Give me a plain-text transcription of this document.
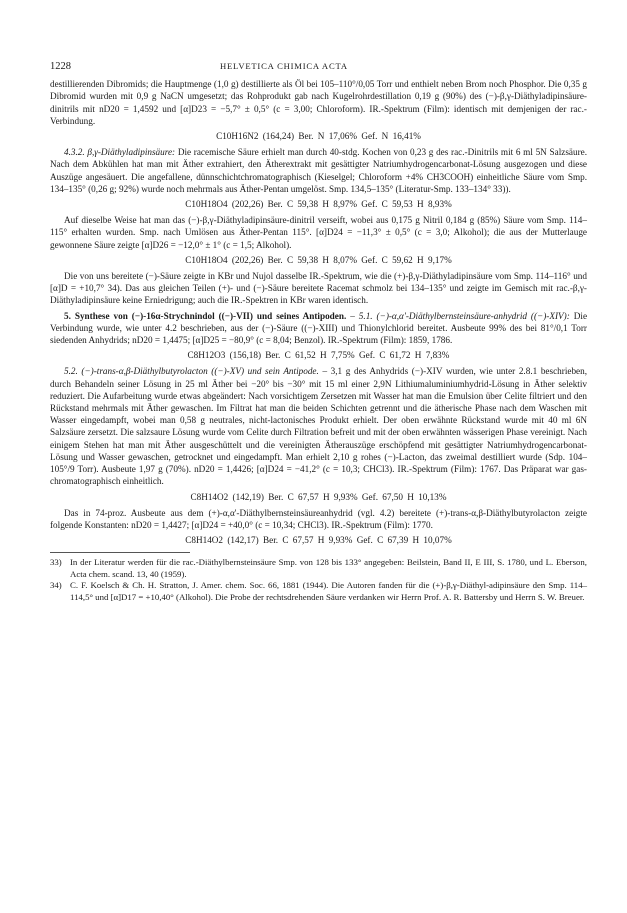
1228	HELVETICA CHIMICA ACTA

destillierenden Dibromids; die Hauptmenge (1,0 g) destillierte als Öl bei 105–110°/0,05 Torr und enthielt neben Brom noch Phosphor. Die 0,35 g Dibromid wurden mit 0,9 g NaCN umgesetzt; das Rohprodukt gab nach Kugelrohrdestillation 0,19 g (90%) des (−)-β,γ-Diäthyladipinsäure-dinitrils mit nD20 = 1,4592 und [α]D23 = −5,7° ± 0,5° (c = 3,00; Chloroform). IR.-Spektrum (Film): identisch mit demjenigen der rac.-Verbindung.

C10H16N2 (164,24) Ber. N 17,06% Gef. N 16,41%

4.3.2. β,γ-Diäthyladipinsäure: Die racemische Säure erhielt man durch 40-stdg. Kochen von 0,23 g des rac.-Dinitrils mit 6 ml 5N Salzsäure. Nach dem Abkühlen hat man mit Äther extrahiert, den Ätherextrakt mit gesättigter Natriumhydrogencarbonat-Lösung ausgezogen und diese Auszüge angesäuert. Die angefallene, dünnschichtchromatographisch (Kieselgel; Chloroform +4% CH3COOH) einheitliche Säure vom Smp. 134–135° (0,26 g; 92%) wurde noch mehrmals aus Äther-Pentan umgelöst. Smp. 134,5–135° (Literatur-Smp. 133–134° 33)).

C10H18O4 (202,26) Ber. C 59,38 H 8,97% Gef. C 59,53 H 8,93%

Auf dieselbe Weise hat man das (−)-β,γ-Diäthyladipinsäure-dinitril verseift, wobei aus 0,175 g Nitril 0,184 g (85%) Säure vom Smp. 114–115° erhalten wurden. Smp. nach Umlösen aus Äther-Pentan 115°. [α]D24 = −11,3° ± 0,5° (c = 3,0; Alkohol); die aus der Mutterlauge gewonnene Säure zeigte [α]D26 = −12,0° ± 1° (c = 1,5; Alkohol).

C10H18O4 (202,26) Ber. C 59,38 H 8,07% Gef. C 59,62 H 9,17%

Die von uns bereitete (−)-Säure zeigte in KBr und Nujol dasselbe IR.-Spektrum, wie die (+)-β,γ-Diäthyladipinsäure vom Smp. 114–116° und [α]D = +10,7° 34). Das aus gleichen Teilen (+)- und (−)-Säure bereitete Racemat schmolz bei 134–135° und zeigte im Gemisch mit rac.-β,γ-Diäthyladipinsäure keine Erniedrigung; auch die IR.-Spektren in KBr waren identisch.

5. Synthese von (−)-16α-Strychnindol ((−)-VII) und seines Antipoden. – 5.1. (−)-α,α'-Diäthylbernsteinsäure-anhydrid ((−)-XIV): Die Verbindung wurde, wie unter 4.2 beschrieben, aus der (−)-Säure ((−)-XIII) und Thionylchlorid bereitet. Ausbeute 99% des bei 81°/0,1 Torr siedenden Anhydrids; nD20 = 1,4475; [α]D25 = −80,9° (c = 8,04; Benzol). IR.-Spektrum (Film): 1859, 1786.

C8H12O3 (156,18) Ber. C 61,52 H 7,75% Gef. C 61,72 H 7,83%

5.2. (−)-trans-α,β-Diäthylbutyrolacton ((−)-XV) und sein Antipode. – 3,1 g des Anhydrids (−)-XIV wurden, wie unter 2.8.1 beschrieben, durch Behandeln seiner Lösung in 25 ml Äther bei −20° bis −30° mit 15 ml einer 2,9N Lithiumaluminiumhydrid-Lösung in Äther selektiv reduziert. Die Aufarbeitung wurde etwas abgeändert: Nach vorsichtigem Zersetzen mit Wasser hat man die Emulsion über Celite filtriert und den Rückstand mehrmals mit Äther gewaschen. Im Filtrat hat man die beiden Schichten getrennt und die ätherische Phase nach dem Waschen mit Wasser eingedampft, wobei man 0,58 g neutrales, nicht-lactonisches Produkt erhielt. Der oben erwähnte Rückstand wurde mit 40 ml 6N Salzsäure zersetzt. Die salzsaure Lösung wurde vom Celite durch Filtration befreit und mit der oben erwähnten wässerigen Phase vereinigt. Nach einigem Stehen hat man mit Äther ausgeschüttelt und die vereinigten Ätherauszüge erschöpfend mit gesättigter Natriumhydrogencarbonat-Lösung und Wasser gewaschen, getrocknet und eingedampft. Man erhielt 2,10 g rohes (−)-Lacton, das zweimal destilliert wurde (Sdp. 104–105°/9 Torr). Ausbeute 1,97 g (70%). nD20 = 1,4426; [α]D24 = −41,2° (c = 10,3; CHCl3). IR.-Spektrum (Film): 1767. Das Präparat war gas-chromatographisch einheitlich.

C8H14O2 (142,19) Ber. C 67,57 H 9,93% Gef. 67,50 H 10,13%

Das in 74-proz. Ausbeute aus dem (+)-α,α'-Diäthylbernsteinsäureanhydrid (vgl. 4.2) bereitete (+)-trans-α,β-Diäthylbutyrolacton zeigte folgende Konstanten: nD20 = 1,4427; [α]D24 = +40,0° (c = 10,34; CHCl3). IR.-Spektrum (Film): 1770.

C8H14O2 (142,17) Ber. C 67,57 H 9,93% Gef. C 67,39 H 10,07%

33) In der Literatur werden für die rac.-Diäthylbernsteinsäure Smp. von 128 bis 133° angegeben: Beilstein, Band II, E III, S. 1780, und L. Eberson, Acta chem. scand. 13, 40 (1959).
34) C. F. Koelsch & Ch. H. Stratton, J. Amer. chem. Soc. 66, 1881 (1944). Die Autoren fanden für die (+)-β,γ-Diäthyl-adipinsäure den Smp. 114–114,5° und [α]D17 = +10,40° (Alkohol). Die Probe der rechtsdrehenden Säure verdanken wir Herrn Prof. A. R. Battersby und Herrn S. W. Breuer.
